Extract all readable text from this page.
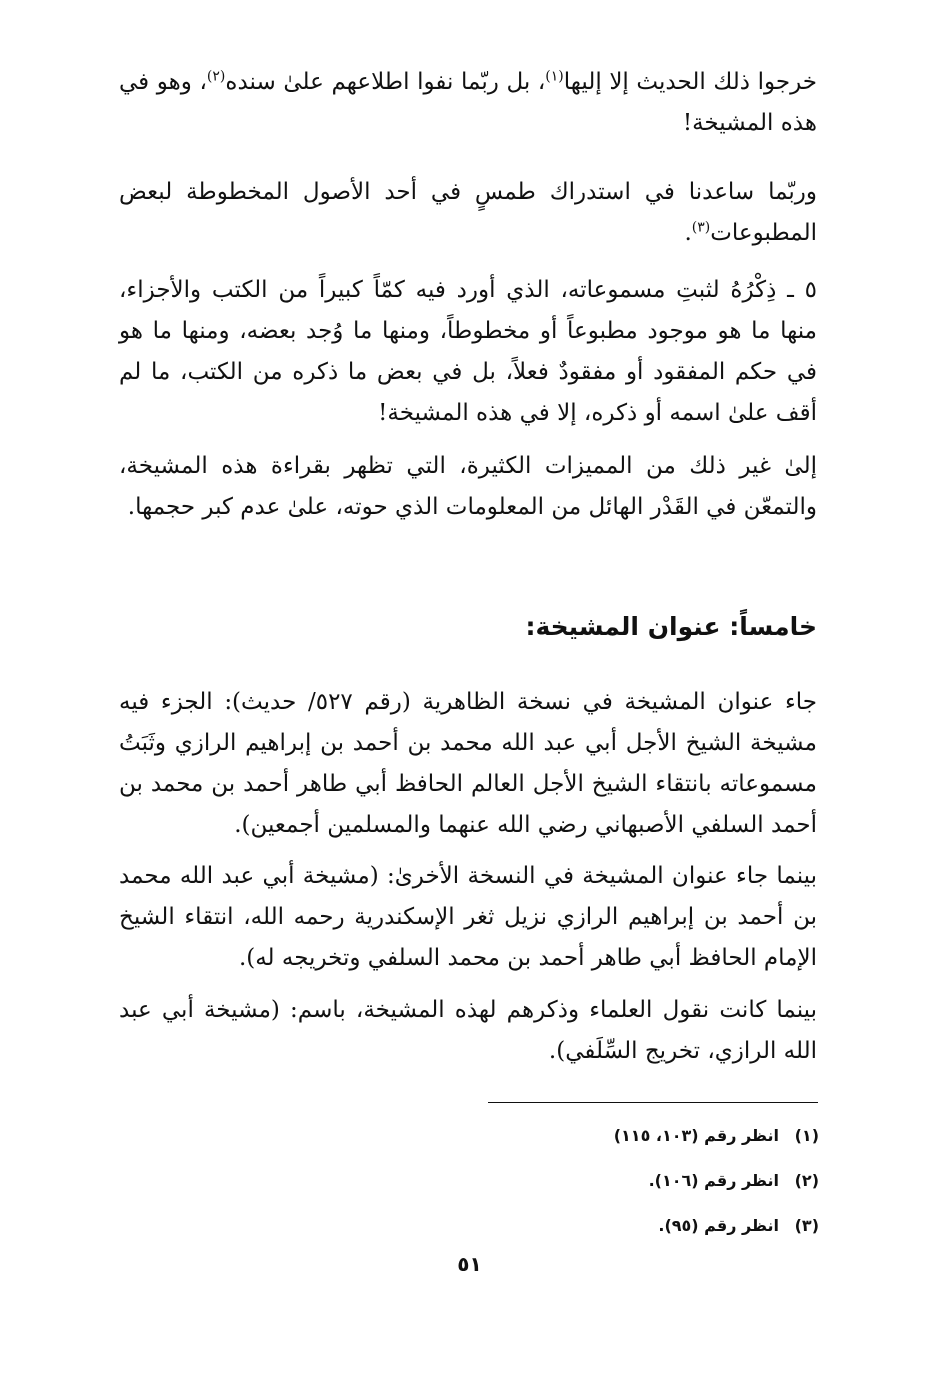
خرجوا ذلك الحديث إلا إليها$^{(١)}$، بل ربّما نفوا اطلاعهم علىٰ سنده$^{(٢)}$، وهو في هذه المشيخة!

وربّما ساعدنا في استدراك طمسٍ في أحد الأصول المخطوطة لبعض المطبوعات$^{(٣)}$.

٥ ـ ذِكْرُهُ لثبتِ مسموعاته، الذي أورد فيه كمّاً كبيراً من الكتب والأجزاء، منها ما هو موجود مطبوعاً أو مخطوطاً، ومنها ما وُجد بعضه، ومنها ما هو في حكم المفقود أو مفقودٌ فعلاً، بل في بعض ما ذكره من الكتب، ما لم أقف علىٰ اسمه أو ذكره، إلا في هذه المشيخة!

إلىٰ غير ذلك من المميزات الكثيرة، التي تظهر بقراءة هذه المشيخة، والتمعّن في القَدْر الهائل من المعلومات الذي حوته، علىٰ عدم كبر حجمها.

خامساً: عنوان المشيخة:

جاء عنوان المشيخة في نسخة الظاهرية (رقم ٥٢٧/ حديث): الجزء فيه مشيخة الشيخ الأجل أبي عبد الله محمد بن أحمد بن إبراهيم الرازي وثَبَتُ مسموعاته بانتقاء الشيخ الأجل العالم الحافظ أبي طاهر أحمد بن محمد بن أحمد السلفي الأصبهاني رضي الله عنهما والمسلمين أجمعين).

بينما جاء عنوان المشيخة في النسخة الأخرىٰ: (مشيخة أبي عبد الله محمد بن أحمد بن إبراهيم الرازي نزيل ثغر الإسكندرية رحمه الله، انتقاء الشيخ الإمام الحافظ أبي طاهر أحمد بن محمد السلفي وتخريجه له).

بينما كانت نقول العلماء وذكرهم لهذه المشيخة، باسم: (مشيخة أبي عبد الله الرازي، تخريج السِّلَفي).

(١)انظر رقم (١٠٣، ١١٥)
(٢)انظر رقم (١٠٦).
(٣)انظر رقم (٩٥).
٥١
